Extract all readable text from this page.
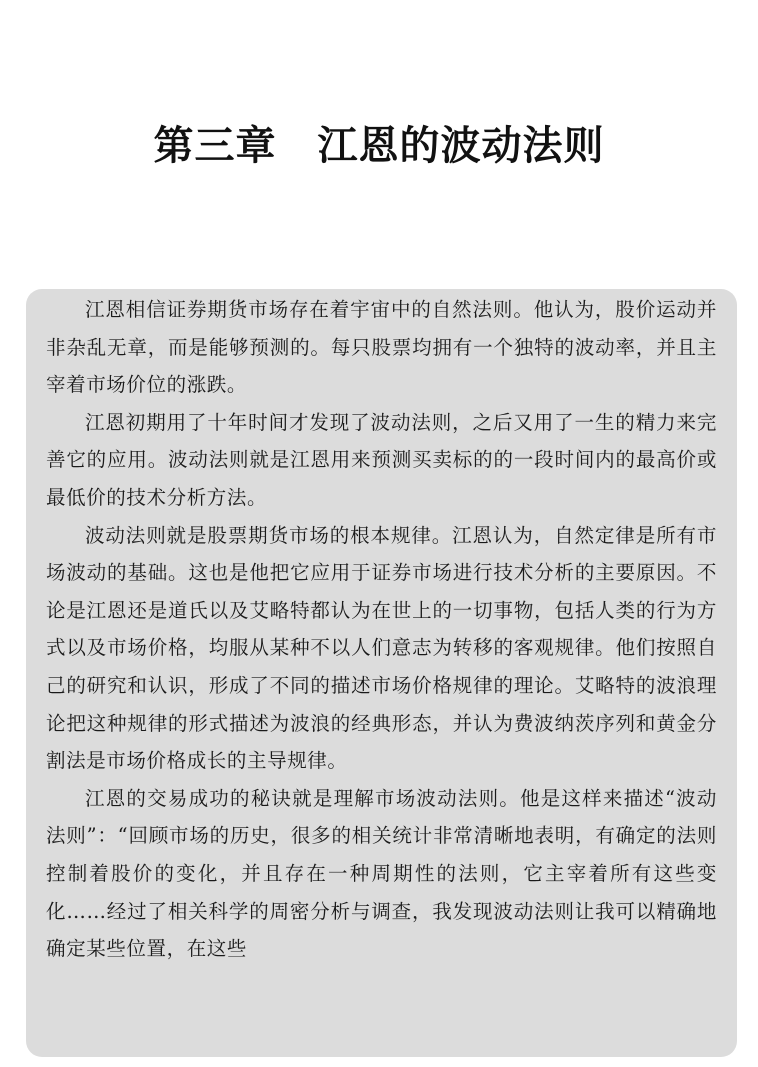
第三章　江恩的波动法则

江恩相信证券期货市场存在着宇宙中的自然法则。他认为，股价运动并非杂乱无章，而是能够预测的。每只股票均拥有一个独特的波动率，并且主宰着市场价位的涨跌。

江恩初期用了十年时间才发现了波动法则，之后又用了一生的精力来完善它的应用。波动法则就是江恩用来预测买卖标的的一段时间内的最高价或最低价的技术分析方法。

波动法则就是股票期货市场的根本规律。江恩认为，自然定律是所有市场波动的基础。这也是他把它应用于证券市场进行技术分析的主要原因。不论是江恩还是道氏以及艾略特都认为在世上的一切事物，包括人类的行为方式以及市场价格，均服从某种不以人们意志为转移的客观规律。他们按照自己的研究和认识，形成了不同的描述市场价格规律的理论。艾略特的波浪理论把这种规律的形式描述为波浪的经典形态，并认为费波纳茨序列和黄金分割法是市场价格成长的主导规律。

江恩的交易成功的秘诀就是理解市场波动法则。他是这样来描述“波动法则”：“回顾市场的历史，很多的相关统计非常清晰地表明，有确定的法则控制着股价的变化，并且存在一种周期性的法则，它主宰着所有这些变化……经过了相关科学的周密分析与调查，我发现波动法则让我可以精确地确定某些位置，在这些
